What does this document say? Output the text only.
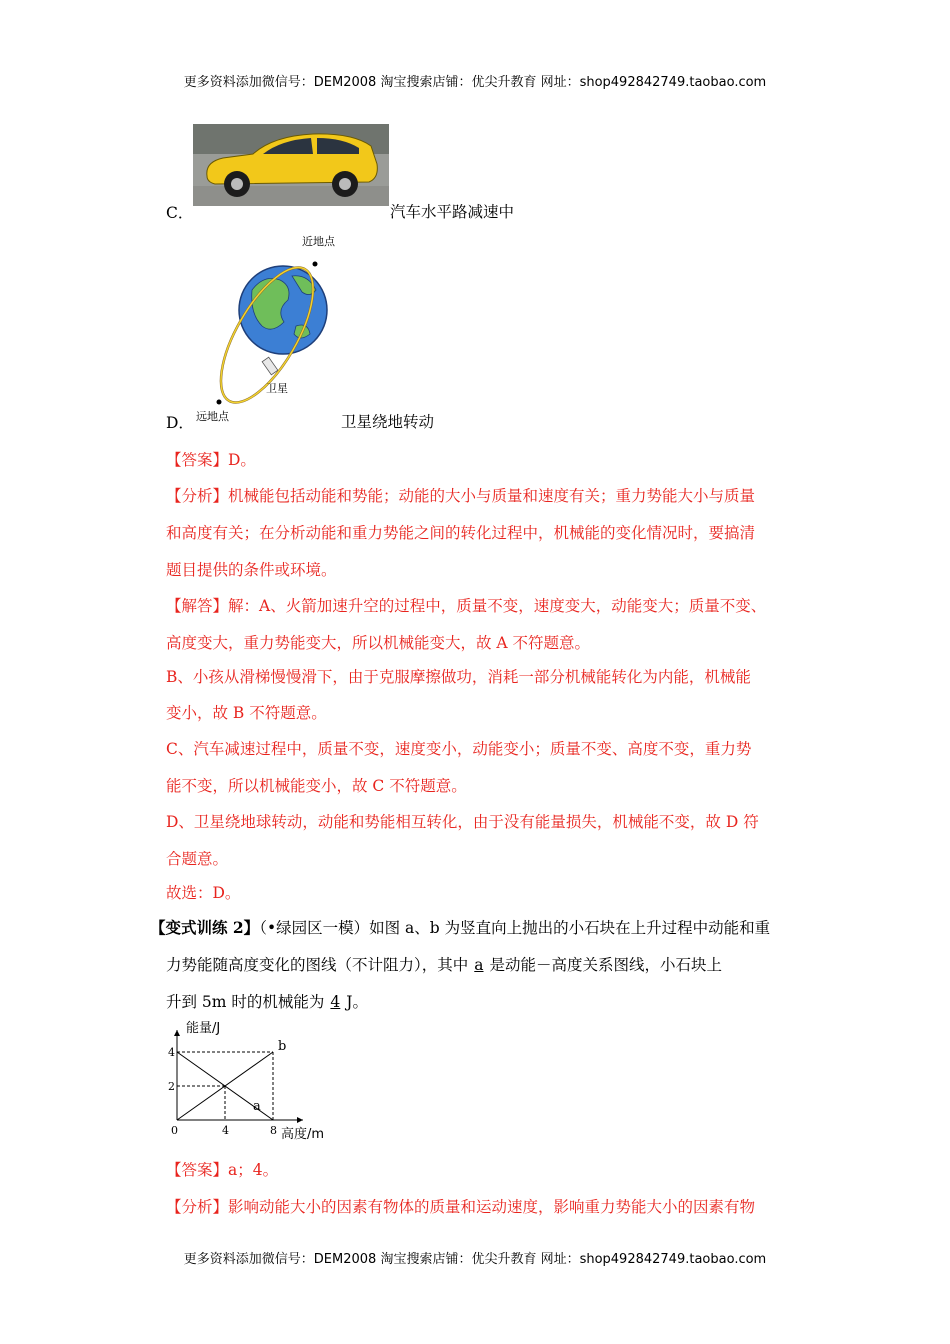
更多资料添加微信号：DEM2008 淘宝搜索店铺：优尖升教育 网址：shop492842749.taobao.com
更多资料添加微信号：DEM2008 淘宝搜索店铺：优尖升教育 网址：shop492842749.taobao.com
C．	汽车水平路减速中
近地点
卫星
远地点
D．	卫星绕地转动
【答案】D。
【分析】机械能包括动能和势能；动能的大小与质量和速度有关；重力势能大小与质量
和高度有关；在分析动能和重力势能之间的转化过程中，机械能的变化情况时，要搞清
题目提供的条件或环境。
【解答】解：A、火箭加速升空的过程中，质量不变，速度变大，动能变大；质量不变、
高度变大，重力势能变大，所以机械能变大，故 A 不符题意。
B、小孩从滑梯慢慢滑下，由于克服摩擦做功，消耗一部分机械能转化为内能，机械能
变小，故 B 不符题意。
C、汽车减速过程中，质量不变，速度变小，动能变小；质量不变、高度不变，重力势
能不变，所以机械能变小，故 C 不符题意。
D、卫星绕地球转动，动能和势能相互转化，由于没有能量损失，机械能不变，故 D 符
合题意。
故选：D。
【变式训练 2】（•绿园区一模）如图 a、b 为竖直向上抛出的小石块在上升过程中动能和重
力势能随高度变化的图线（不计阻力），其中 a 是动能－高度关系图线，小石块上
升到 5m 时的机械能为 4 J。
b
a
0	4	8
2
4
能量/J
高度/m
【答案】a；4。
【分析】影响动能大小的因素有物体的质量和运动速度，影响重力势能大小的因素有物
